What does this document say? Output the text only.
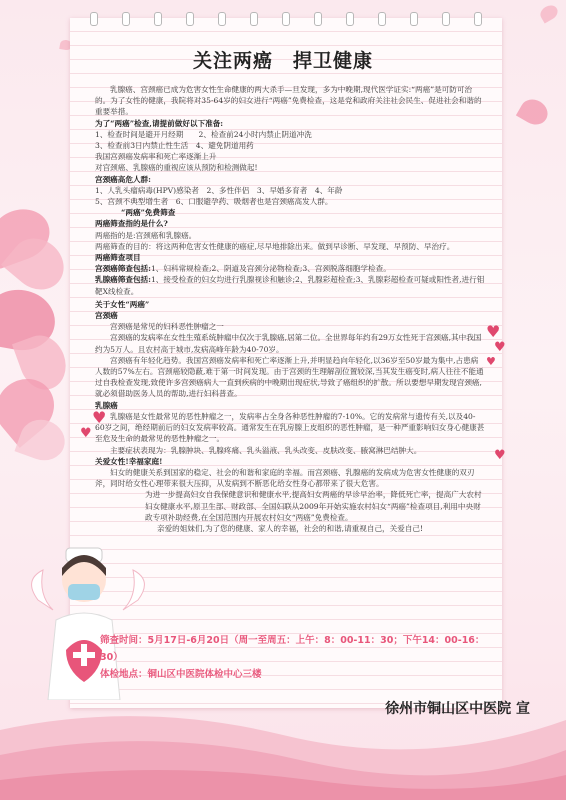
♥
♥
♥
♥
♥
♥
关注两癌　捍卫健康

乳腺癌、宫颈癌已成为危害女性生命健康的两大杀手—旦发现，多为中晚期,现代医学证实:“两癌”是可防可治的。为了女性的健康，我院将对35-64岁的妇女进行“两癌”免费检查，这是党和政府关注社会民生、促进社会和谐的重要举措。

为了“两癌”检查,请提前做好以下准备:

1、检查时间是避开月经期　　2、检查前24小时内禁止阴道冲洗

3、检查前3日内禁止性生活　4、避免阴道用药

我国宫颈癌发病率和死亡率逐渐上升

对宫颈癌、乳腺癌的重视应该从预防和检测做起!

宫颈癌高危人群:

1、人乳头瘤病毒(HPV)感染者　2、多性伴侣　3、早婚多育者　4、年龄

5、宫颈不典型增生者　6、口服避孕药、吸烟者也是宫颈癌高发人群。

“两癌”免费筛查

两癌筛查指的是什么?

两癌指的是:宫颈癌和乳腺癌。

两癌筛查的目的：将这两种危害女性健康的癌症,尽早地排除出来。做到早诊断、早发现、早预防、早治疗。

两癌筛查项目

宫颈癌筛查包括:1、妇科常规检查;2、阴道及宫颈分泌物检查;3、宫颈脱落细胞学检查。

乳腺癌筛查包括:1、接受检查的妇女均进行乳腺视诊和触诊;2、乳腺彩超检查;3、乳腺彩超检查可疑或阳性者,进行钼靶X线检查。

关于女性“两癌”

宫颈癌

宫颈癌是常见的妇科恶性肿瘤之一

宫颈癌的发病率在女性生殖系统肿瘤中仅次于乳腺癌,居第二位。全世界每年约有29万女性死于宫颈癌,其中我国约为5万人。且农村高于城市,发病高峰年龄为40-70岁。

宫颈癌有年轻化趋势。我国宫颈癌发病率和死亡率逐渐上升,并明显趋向年轻化,以36岁至50岁最为集中,占患病人数的57%左右。宫颈癌较隐蔽,难于第一时间发现。由于宫颈的生理解剖位置较深,当其发生癌变时,病人往往不能通过自我检查发现,致使许多宫颈癌病人一直到疾病的中晚期出现症状,导致了癌组织的扩散。所以要想早期发现宫颈癌,就必须借助医务人员的帮助,进行妇科普查。

乳腺癌

乳腺癌是女性最常见的恶性肿瘤之一，发病率占全身各种恶性肿瘤的7-10%。它的发病常与遗传有关,以及40-60岁之间，绝经期前后的妇女发病率较高。通常发生在乳房腺上皮组织的恶性肿瘤，是一种严重影响妇女身心健康甚至危及生命的最常见的恶性肿瘤之一。

主要症状表现为：乳腺肿块、乳腺疼痛、乳头溢液、乳头改变、皮肤改变、腋窝淋巴结肿大。

关爱女性!幸福家庭!

妇女的健康关系到国家的稳定、社会的和谐和家庭的幸福。而宫颈癌、乳腺癌的发病成为危害女性健康的双刃斧，同时给女性心理带来很大压抑，从发病到不断恶化给女性身心都带来了很大危害。

为进一步提高妇女自我保健意识和健康水平,提高妇女两癌的早诊早治率，降低死亡率，提高广大农村妇女健康水平,原卫生部、财政部、全国妇联从2009年开始实施农村妇女“两癌”检查项目,利用中央财政专项补助经费,在全国范围内开展农村妇女“两癌”免费检查。

亲爱的姐妹们,为了您的健康、家人的幸福，社会的和谐,请重视自己，关爱自己!

筛查时间：5月17日-6月20日（周一至周五：上午：8：00-11：30；下午14：00-16：30）
体检地点：铜山区中医院体检中心三楼
徐州市铜山区中医院 宣
